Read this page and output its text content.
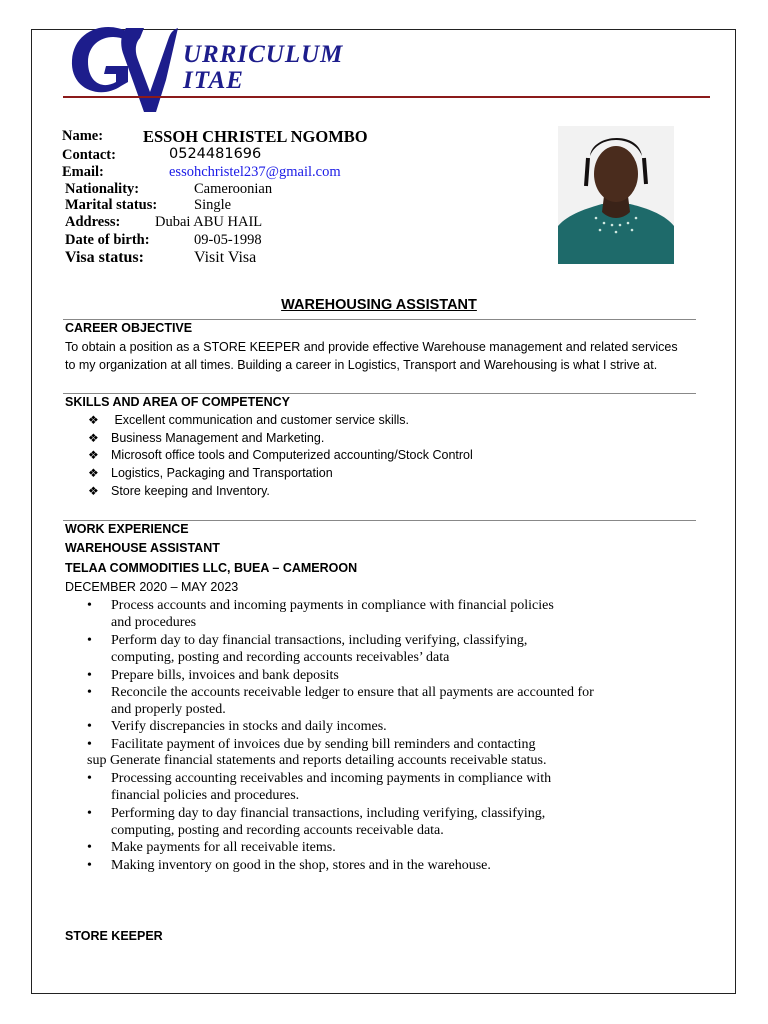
CV
URRICULUM
ITAE
Name: ESSOH CHRISTEL NGOMBO
Contact:	0524481696
Email:	essohchristel237@gmail.com
Nationality:	Cameroonian
Marital status:	Single
Address: Dubai ABU HAIL
Date of birth:	09-05-1998
Visa status:	Visit Visa
WAREHOUSING ASSISTANT
CAREER OBJECTIVE
To obtain a position as a STORE KEEPER and provide effective Warehouse management and related services
to my organization at all times. Building a career in Logistics, Transport and Warehousing is what I strive at.
SKILLS AND AREA OF COMPETENCY
❖ Excellent communication and customer service skills.
❖ Business Management and Marketing.
❖ Microsoft office tools and Computerized accounting/Stock Control
❖ Logistics, Packaging and Transportation
❖ Store keeping and Inventory.
WORK EXPERIENCE
WAREHOUSE ASSISTANT
TELAA COMMODITIES LLC, BUEA – CAMEROON
DECEMBER 2020 – MAY 2023
•	Process accounts and incoming payments in compliance with financial policies
and procedures
•	Perform day to day financial transactions, including verifying, classifying,
computing, posting and recording accounts receivables’ data
•	Prepare bills, invoices and bank deposits
•	Reconcile the accounts receivable ledger to ensure that all payments are accounted for
and properly posted.
•	Verify discrepancies in stocks and daily incomes.
•	Facilitate payment of invoices due by sending bill reminders and contacting
sup Generate financial statements and reports detailing accounts receivable status.
•	Processing accounting receivables and incoming payments in compliance with
financial policies and procedures.
•	Performing day to day financial transactions, including verifying, classifying,
computing, posting and recording accounts receivable data.
•	Make payments for all receivable items.
•	Making inventory on good in the shop, stores and in the warehouse.
STORE KEEPER
